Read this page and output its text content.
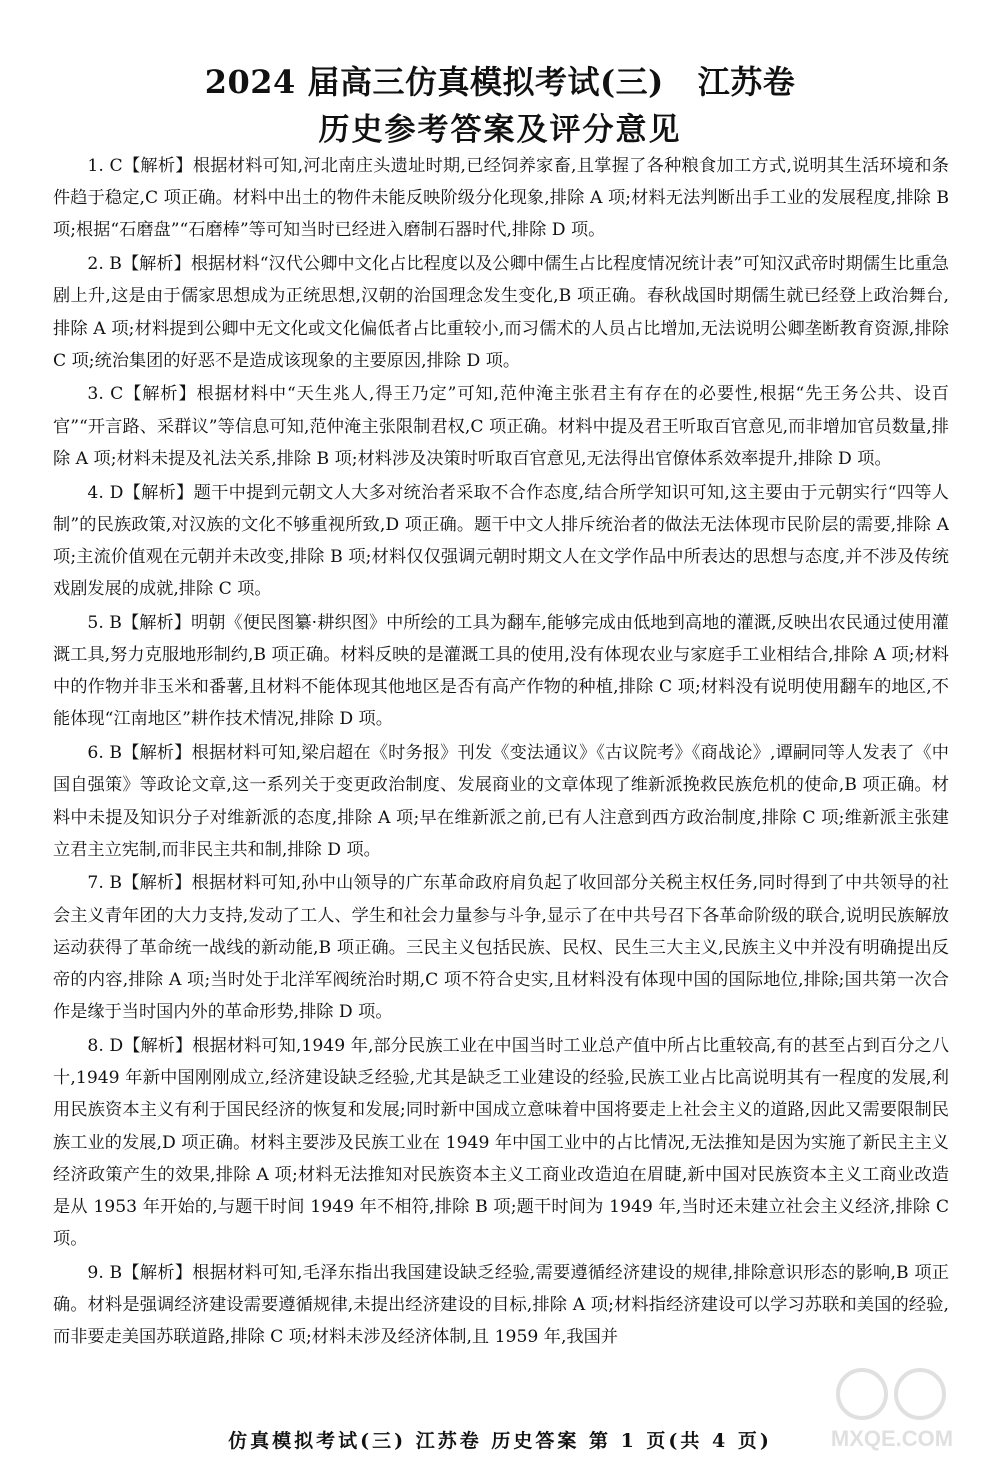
2024 届高三仿真模拟考试(三) 江苏卷
历史参考答案及评分意见

1. C【解析】根据材料可知,河北南庄头遗址时期,已经饲养家畜,且掌握了各种粮食加工方式,说明其生活环境和条件趋于稳定,C 项正确。材料中出土的物件未能反映阶级分化现象,排除 A 项;材料无法判断出手工业的发展程度,排除 B 项;根据“石磨盘”“石磨棒”等可知当时已经进入磨制石器时代,排除 D 项。

2. B【解析】根据材料“汉代公卿中文化占比程度以及公卿中儒生占比程度情况统计表”可知汉武帝时期儒生比重急剧上升,这是由于儒家思想成为正统思想,汉朝的治国理念发生变化,B 项正确。春秋战国时期儒生就已经登上政治舞台,排除 A 项;材料提到公卿中无文化或文化偏低者占比重较小,而习儒术的人员占比增加,无法说明公卿垄断教育资源,排除 C 项;统治集团的好恶不是造成该现象的主要原因,排除 D 项。

3. C【解析】根据材料中“天生兆人,得王乃定”可知,范仲淹主张君主有存在的必要性,根据“先王务公共、设百官”“开言路、采群议”等信息可知,范仲淹主张限制君权,C 项正确。材料中提及君王听取百官意见,而非增加官员数量,排除 A 项;材料未提及礼法关系,排除 B 项;材料涉及决策时听取百官意见,无法得出官僚体系效率提升,排除 D 项。

4. D【解析】题干中提到元朝文人大多对统治者采取不合作态度,结合所学知识可知,这主要由于元朝实行“四等人制”的民族政策,对汉族的文化不够重视所致,D 项正确。题干中文人排斥统治者的做法无法体现市民阶层的需要,排除 A 项;主流价值观在元朝并未改变,排除 B 项;材料仅仅强调元朝时期文人在文学作品中所表达的思想与态度,并不涉及传统戏剧发展的成就,排除 C 项。

5. B【解析】明朝《便民图纂·耕织图》中所绘的工具为翻车,能够完成由低地到高地的灌溉,反映出农民通过使用灌溉工具,努力克服地形制约,B 项正确。材料反映的是灌溉工具的使用,没有体现农业与家庭手工业相结合,排除 A 项;材料中的作物并非玉米和番薯,且材料不能体现其他地区是否有高产作物的种植,排除 C 项;材料没有说明使用翻车的地区,不能体现“江南地区”耕作技术情况,排除 D 项。

6. B【解析】根据材料可知,梁启超在《时务报》刊发《变法通议》《古议院考》《商战论》,谭嗣同等人发表了《中国自强策》等政论文章,这一系列关于变更政治制度、发展商业的文章体现了维新派挽救民族危机的使命,B 项正确。材料中未提及知识分子对维新派的态度,排除 A 项;早在维新派之前,已有人注意到西方政治制度,排除 C 项;维新派主张建立君主立宪制,而非民主共和制,排除 D 项。

7. B【解析】根据材料可知,孙中山领导的广东革命政府肩负起了收回部分关税主权任务,同时得到了中共领导的社会主义青年团的大力支持,发动了工人、学生和社会力量参与斗争,显示了在中共号召下各革命阶级的联合,说明民族解放运动获得了革命统一战线的新动能,B 项正确。三民主义包括民族、民权、民生三大主义,民族主义中并没有明确提出反帝的内容,排除 A 项;当时处于北洋军阀统治时期,C 项不符合史实,且材料没有体现中国的国际地位,排除;国共第一次合作是缘于当时国内外的革命形势,排除 D 项。

8. D【解析】根据材料可知,1949 年,部分民族工业在中国当时工业总产值中所占比重较高,有的甚至占到百分之八十,1949 年新中国刚刚成立,经济建设缺乏经验,尤其是缺乏工业建设的经验,民族工业占比高说明其有一程度的发展,利用民族资本主义有利于国民经济的恢复和发展;同时新中国成立意味着中国将要走上社会主义的道路,因此又需要限制民族工业的发展,D 项正确。材料主要涉及民族工业在 1949 年中国工业中的占比情况,无法推知是因为实施了新民主主义经济政策产生的效果,排除 A 项;材料无法推知对民族资本主义工商业改造迫在眉睫,新中国对民族资本主义工商业改造是从 1953 年开始的,与题干时间 1949 年不相符,排除 B 项;题干时间为 1949 年,当时还未建立社会主义经济,排除 C 项。

9. B【解析】根据材料可知,毛泽东指出我国建设缺乏经验,需要遵循经济建设的规律,排除意识形态的影响,B 项正确。材料是强调经济建设需要遵循规律,未提出经济建设的目标,排除 A 项;材料指经济建设可以学习苏联和美国的经验,而非要走美国苏联道路,排除 C 项;材料未涉及经济体制,且 1959 年,我国并

MXQE.COM
仿真模拟考试(三) 江苏卷 历史答案 第 1 页(共 4 页)
